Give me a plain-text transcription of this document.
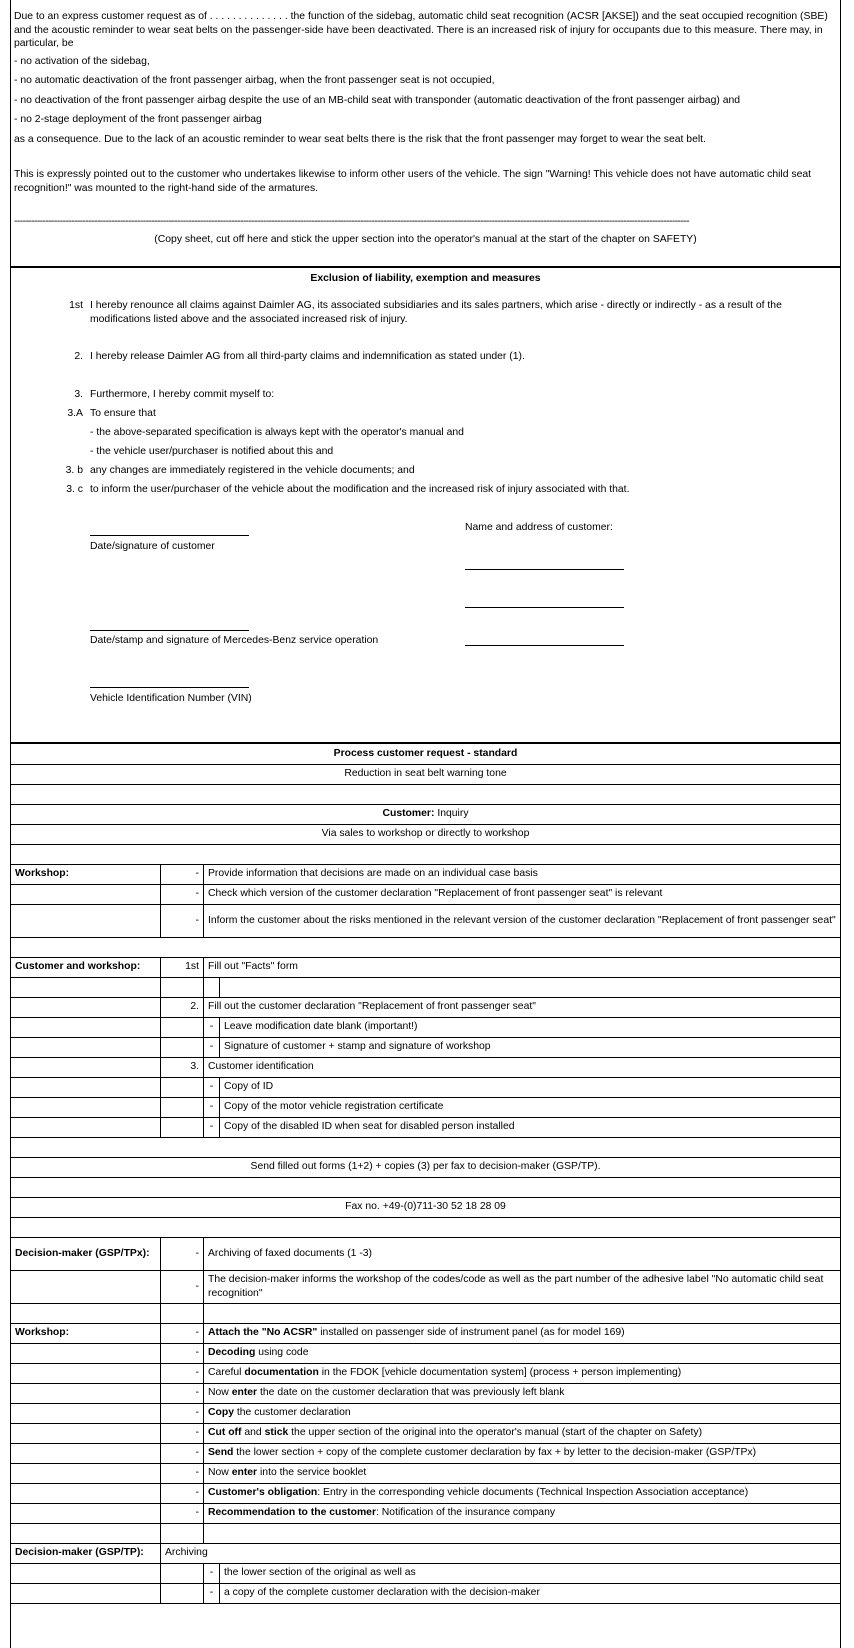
Due to an express customer request as of . . . . . . . . . . . . . . the function of the sidebag, automatic child seat recognition (ACSR [AKSE]) and the seat occupied recognition (SBE) and the acoustic reminder to wear seat belts on the passenger-side have been deactivated. There is an increased risk of injury for occupants due to this measure. There may, in particular, be

- no activation of the sidebag,

- no automatic deactivation of the front passenger airbag, when the front passenger seat is not occupied,

- no deactivation of the front passenger airbag despite the use of an MB-child seat with transponder (automatic deactivation of the front passenger airbag) and

- no 2-stage deployment of the front passenger airbag

as a consequence. Due to the lack of an acoustic reminder to wear seat belts there is the risk that the front passenger may forget to wear the seat belt.

This is expressly pointed out to the customer who undertakes likewise to inform other users of the vehicle. The sign "Warning! This vehicle does not have automatic child seat recognition!" was mounted to the right-hand side of the armatures.

--------------------------------------------------------------------------------------------------------------------------------------------------------------------------------------------------------------------------------------------

(Copy sheet, cut off here and stick the upper section into the operator's manual at the start of the chapter on SAFETY)

Exclusion of liability, exemption and measures
1st I hereby renounce all claims against Daimler AG, its associated subsidiaries and its sales partners, which arise - directly or indirectly - as a result of the modifications listed above and the associated increased risk of injury.
2. I hereby release Daimler AG from all third-party claims and indemnification as stated under (1).
3. Furthermore, I hereby commit myself to:
3.A To ensure that
- the above-separated specification is always kept with the operator's manual and
- the vehicle user/purchaser is notified about this and
3. b any changes are immediately registered in the vehicle documents; and
3. c to inform the user/purchaser of the vehicle about the modification and the increased risk of injury associated with that.
Date/signature of customer
Name and address of customer:
Date/stamp and signature of Mercedes-Benz service operation
Vehicle Identification Number (VIN)
Process customer request - standard			
Reduction in seat belt warning tone			

Customer: Inquiry			
Via sales to workshop or directly to workshop			

Workshop:	-	Provide information that decisions are made on an individual case basis	
	-	Check which version of the customer declaration "Replacement of front passenger seat" is relevant	
	-	Inform the customer about the risks mentioned in the relevant version of the customer declaration "Replacement of front passenger seat"	

Customer and workshop:	1st	Fill out "Facts" form	

	2.	Fill out the customer declaration "Replacement of front passenger seat"	
		-	Leave modification date blank (important!)
		-	Signature of customer + stamp and signature of workshop
	3.	Customer identification	
		-	Copy of ID
		-	Copy of the motor vehicle registration certificate
		-	Copy of the disabled ID when seat for disabled person installed

Send filled out forms (1+2) + copies (3) per fax to decision-maker (GSP/TP).			

Fax no. +49-(0)711-30 52 18 28 09			

Decision-maker (GSP/TPx):	-	Archiving of faxed documents (1 -3)	
	-	The decision-maker informs the workshop of the codes/code as well as the part number of the adhesive label "No automatic child seat recognition"	

Workshop:	-	Attach the "No ACSR" installed on passenger side of instrument panel (as for model 169)	
	-	Decoding using code	
	-	Careful documentation in the FDOK [vehicle documentation system] (process + person implementing)	
	-	Now enter the date on the customer declaration that was previously left blank	
	-	Copy the customer declaration	
	-	Cut off and stick the upper section of the original into the operator's manual (start of the chapter on Safety)	
	-	Send the lower section + copy of the complete customer declaration by fax + by letter to the decision-maker (GSP/TPx)	
	-	Now enter into the service booklet	
	-	Customer's obligation: Entry in the corresponding vehicle documents (Technical Inspection Association acceptance)	
	-	Recommendation to the customer: Notification of the insurance company	

Decision-maker (GSP/TP):	Archiving		
		-	the lower section of the original as well as
		-	a copy of the complete customer declaration with the decision-maker
